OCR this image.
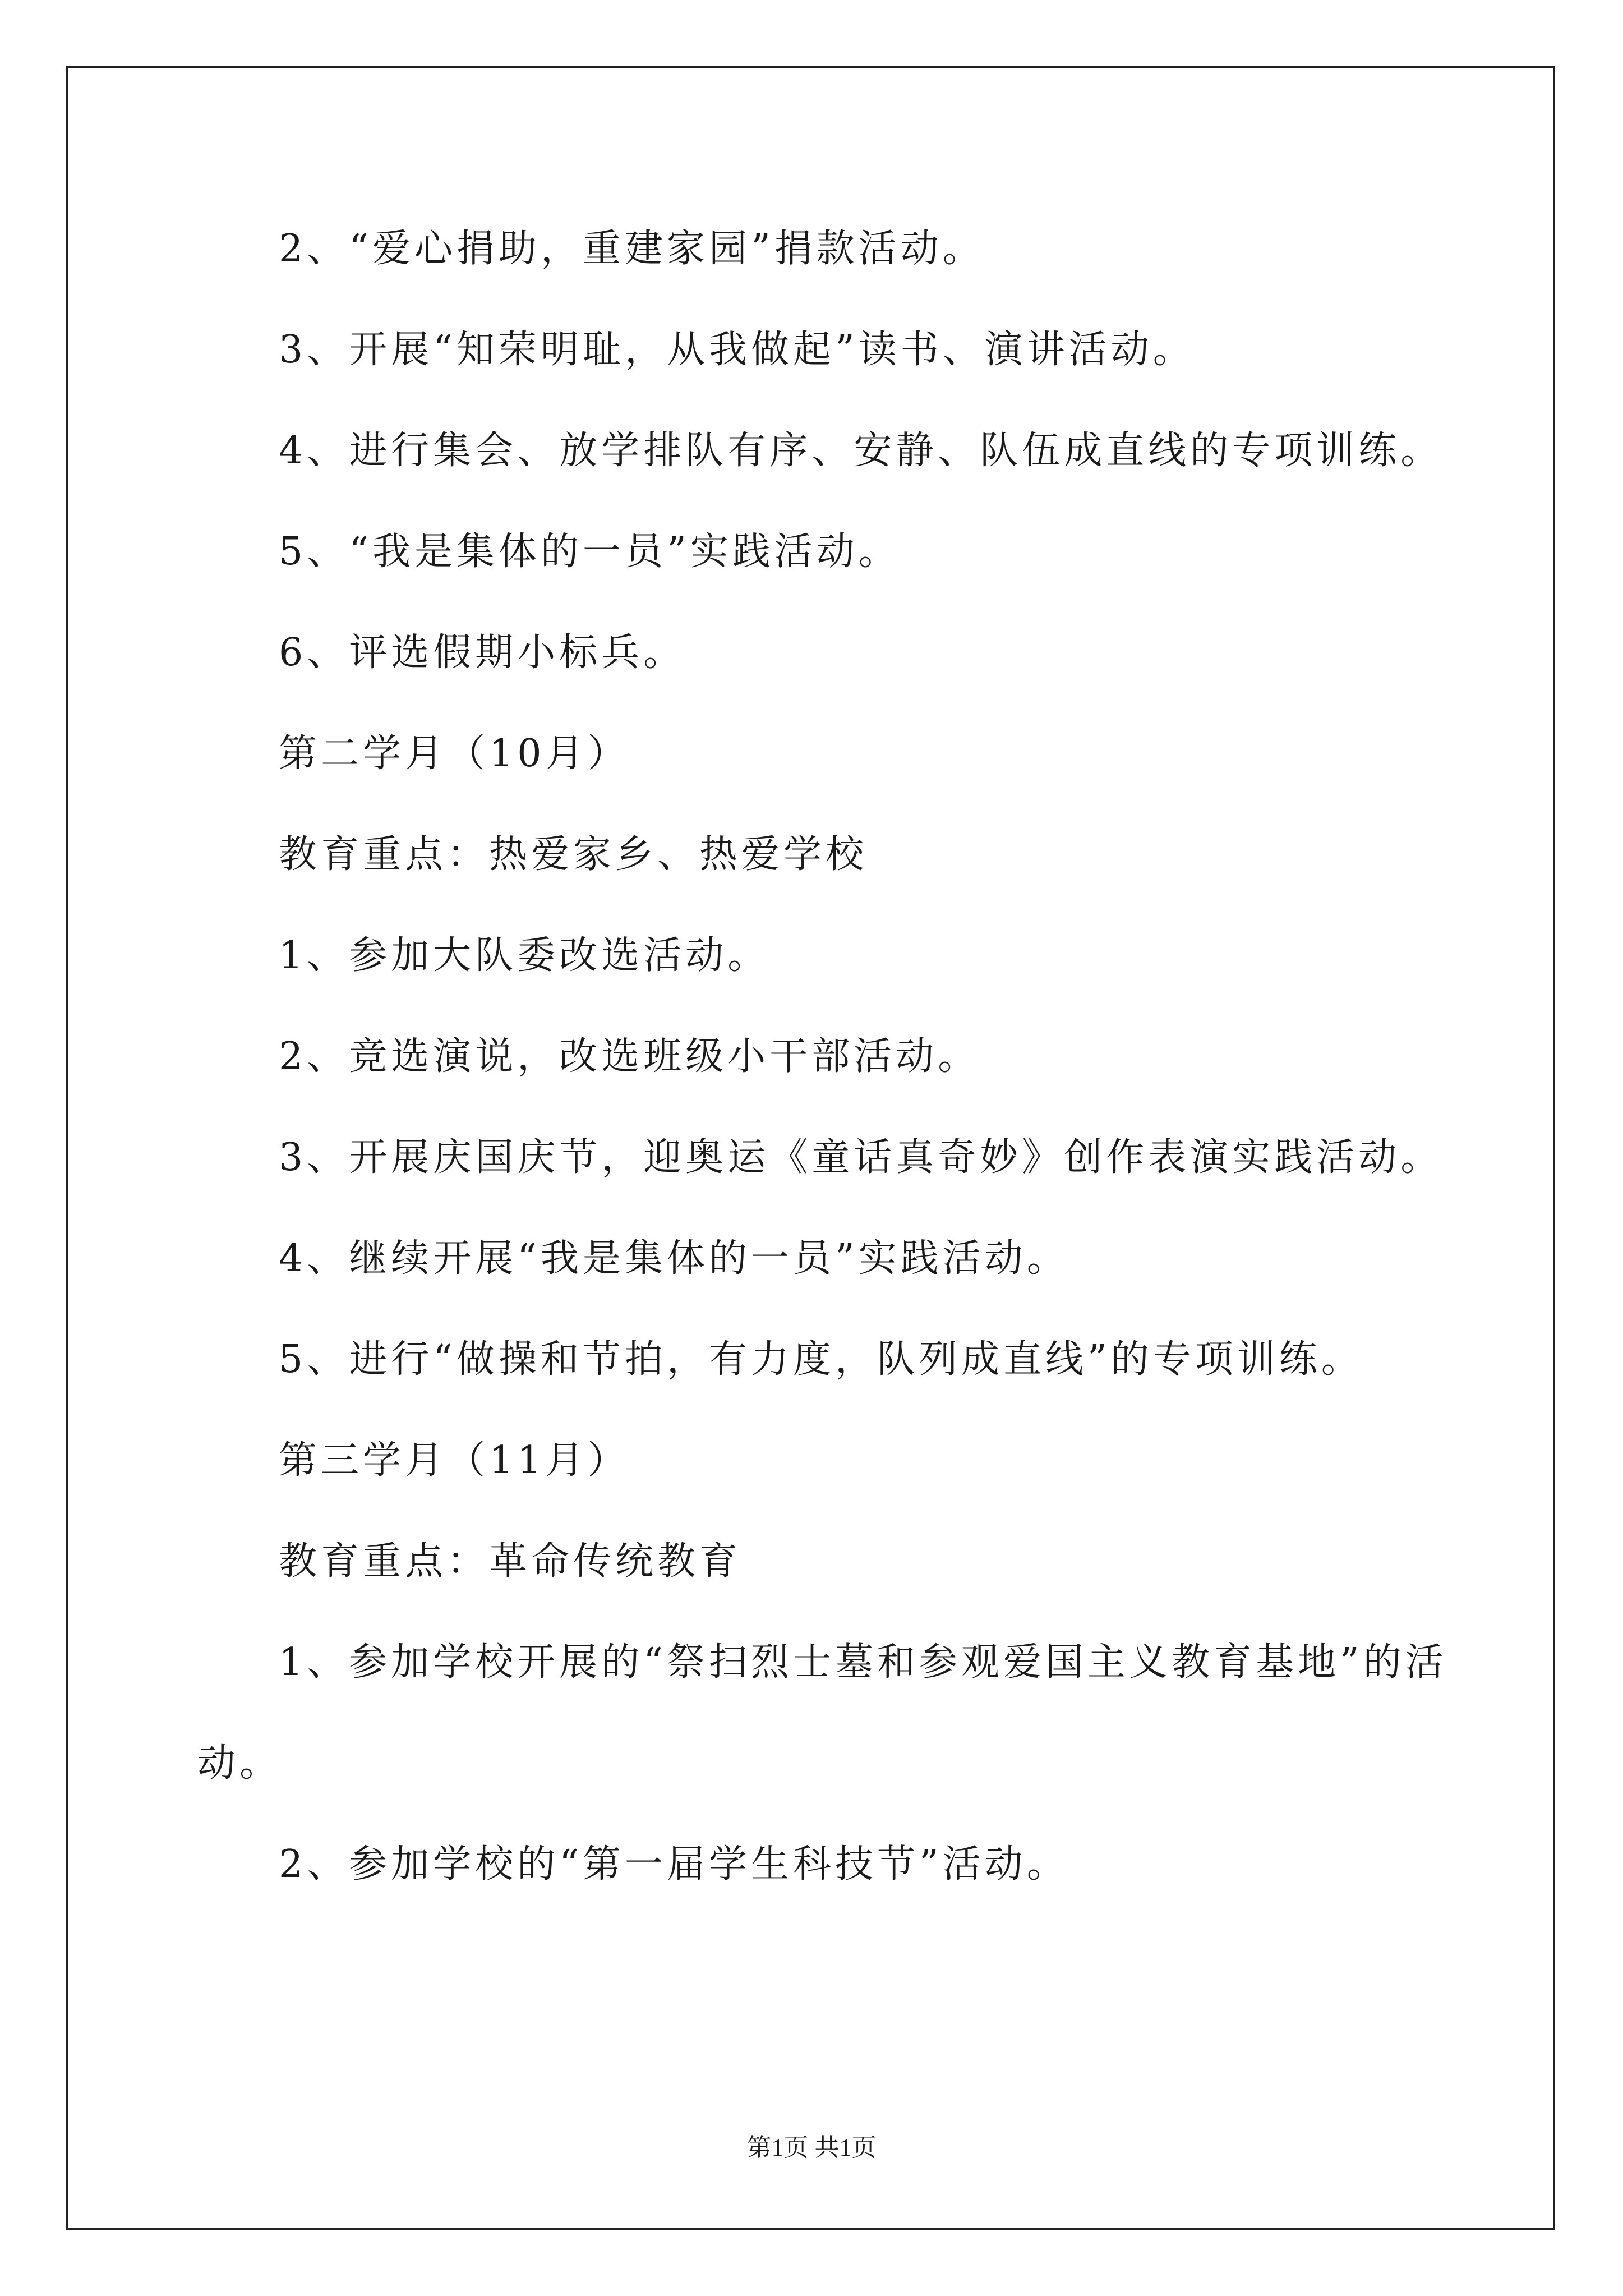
2、“爱心捐助，重建家园”捐款活动。
3、开展“知荣明耻，从我做起”读书、演讲活动。
4、进行集会、放学排队有序、安静、队伍成直线的专项训练。
5、“我是集体的一员”实践活动。
6、评选假期小标兵。
第二学月（10月）
教育重点：热爱家乡、热爱学校
1、参加大队委改选活动。
2、竞选演说，改选班级小干部活动。
3、开展庆国庆节，迎奥运《童话真奇妙》创作表演实践活动。
4、继续开展“我是集体的一员”实践活动。
5、进行“做操和节拍，有力度，队列成直线”的专项训练。
第三学月（11月）
教育重点：革命传统教育
1、参加学校开展的“祭扫烈士墓和参观爱国主义教育基地”的活
动。
2、参加学校的“第一届学生科技节”活动。
第1页 共1页
